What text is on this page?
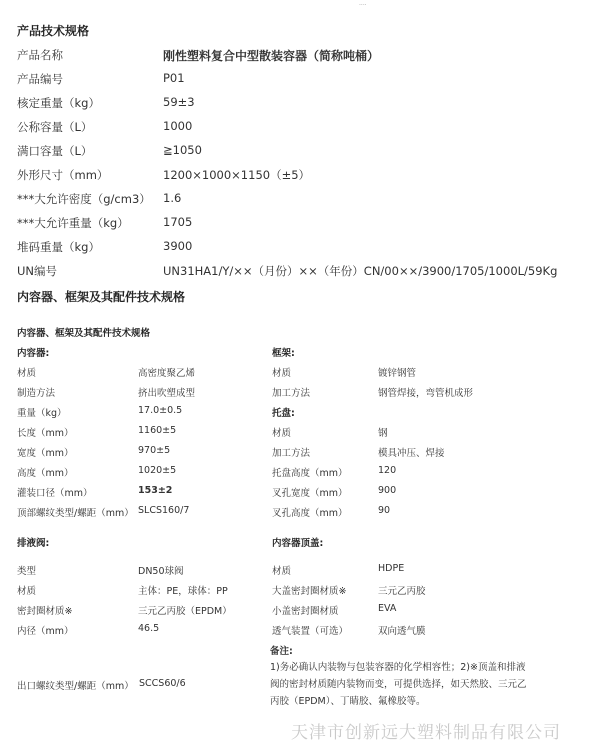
....
产品技术规格
产品名称	刚性塑料复合中型散装容器（简称吨桶）
产品编号	P01
核定重量（kg）	59±3
公称容量（L）	1000
满口容量（L）	≧1050
外形尺寸（mm）	1200×1000×1150（±5）
***大允许密度（g/cm3） 1.6
***大允许重量（kg）	1705
堆码重量（kg）	3900
UN编号	UN31HA1/Y/××（月份）××（年份）CN/00××/3900/1705/1000L/59Kg
内容器、框架及其配件技术规格
内容器、框架及其配件技术规格
内容器:
材质	高密度聚乙烯
制造方法	挤出吹塑成型
重量（kg）	17.0±0.5
长度（mm）	1160±5
宽度（mm）	970±5
高度（mm）	1020±5
灌装口径（mm）	153±2
顶部螺纹类型/螺距（mm） SLCS160/7
排液阀:
类型	DN50球阀
材质	主体：PE，球体：PP
密封圈材质※	三元乙丙胶（EPDM）
内径（mm）	46.5
框架:
材质	镀锌钢管
加工方法	钢管焊接，弯管机成形
托盘:
材质	钢
加工方法	模具冲压、焊接
托盘高度（mm）	120
叉孔宽度（mm）	900
叉孔高度（mm）	90
内容器顶盖:
材质	HDPE
大盖密封圈材质※	三元乙丙胶
小盖密封圈材质	EVA
透气装置（可选）	双向透气膜
备注:
1)务必确认内装物与包装容器的化学相容性；2)※顶盖和排液阀的密封材质随内装物而变，可提供选择，如天然胶、三元乙丙胶（EPDM）、丁睛胶、氟橡胶等。
出口螺纹类型/螺距（mm） SCCS60/6
天津市创新远大塑料制品有限公司
